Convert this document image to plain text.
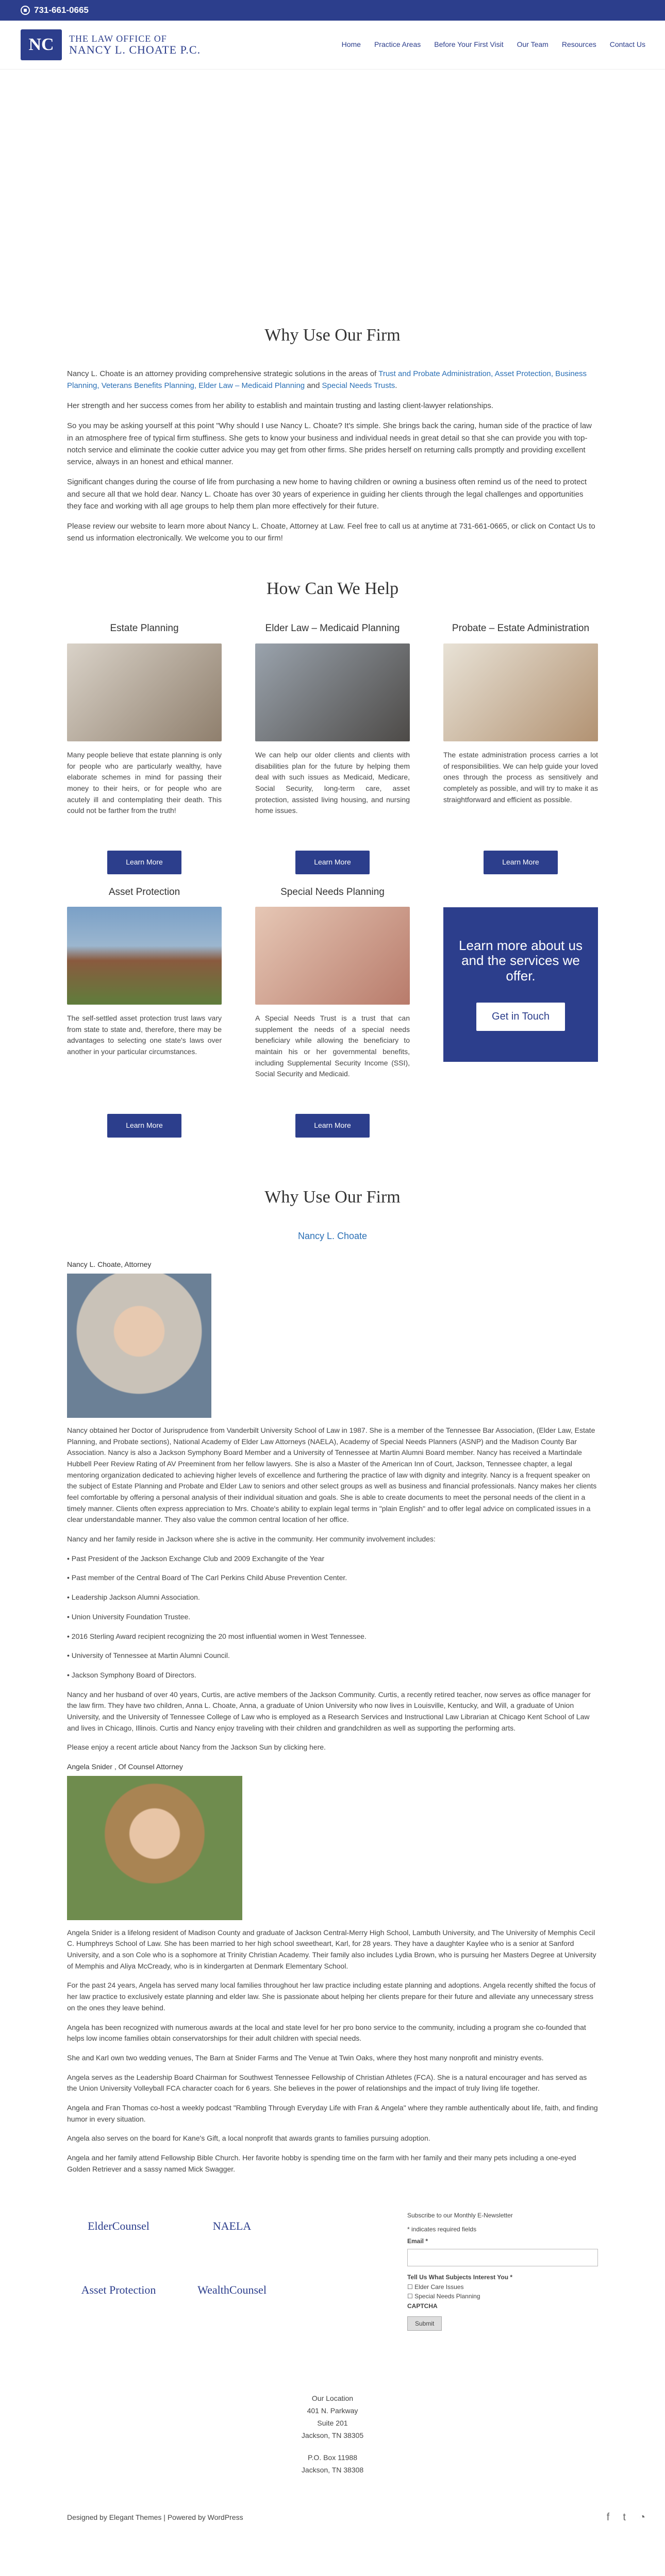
731-661-0665
NC	THE LAW OFFICE OF
NANCY L. CHOATE P.C.	Home Practice Areas Before Your First Visit Our Team Resources Contact Us
Why Use Our Firm

Nancy L. Choate is an attorney providing comprehensive strategic solutions in the areas of Trust and Probate Administration, Asset Protection, Business Planning, Veterans Benefits Planning, Elder Law – Medicaid Planning and Special Needs Trusts.

Her strength and her success comes from her ability to establish and maintain trusting and lasting client-lawyer relationships.

So you may be asking yourself at this point "Why should I use Nancy L. Choate? It's simple. She brings back the caring, human side of the practice of law in an atmosphere free of typical firm stuffiness. She gets to know your business and individual needs in great detail so that she can provide you with top-notch service and eliminate the cookie cutter advice you may get from other firms. She prides herself on returning calls promptly and providing excellent service, always in an honest and ethical manner.

Significant changes during the course of life from purchasing a new home to having children or owning a business often remind us of the need to protect and secure all that we hold dear. Nancy L. Choate has over 30 years of experience in guiding her clients through the legal challenges and opportunities they face and working with all age groups to help them plan more effectively for their future.

Please review our website to learn more about Nancy L. Choate, Attorney at Law. Feel free to call us at anytime at 731-661-0665, or click on Contact Us to send us information electronically. We welcome you to our firm!

How Can We Help
Estate Planning

Many people believe that estate planning is only for people who are particularly wealthy, have elaborate schemes in mind for passing their money to their heirs, or for people who are acutely ill and contemplating their death. This could not be farther from the truth!

Learn More
Elder Law – Medicaid Planning

We can help our older clients and clients with disabilities plan for the future by helping them deal with such issues as Medicaid, Medicare, Social Security, long-term care, asset protection, assisted living housing, and nursing home issues.

Learn More
Probate – Estate Administration

The estate administration process carries a lot of responsibilities. We can help guide your loved ones through the process as sensitively and completely as possible, and will try to make it as straightforward and efficient as possible.

Learn More
Asset Protection

The self-settled asset protection trust laws vary from state to state and, therefore, there may be advantages to selecting one state's laws over another in your particular circumstances.

Learn More
Special Needs Planning

A Special Needs Trust is a trust that can supplement the needs of a special needs beneficiary while allowing the beneficiary to maintain his or her governmental benefits, including Supplemental Security Income (SSI), Social Security and Medicaid.

Learn More
Learn more about us and the services we offer.
Get in Touch
Why Use Our Firm
Nancy L. Choate
Nancy L. Choate, Attorney

Nancy obtained her Doctor of Jurisprudence from Vanderbilt University School of Law in 1987. She is a member of the Tennessee Bar Association, (Elder Law, Estate Planning, and Probate sections), National Academy of Elder Law Attorneys (NAELA), Academy of Special Needs Planners (ASNP) and the Madison County Bar Association. Nancy is also a Jackson Symphony Board Member and a University of Tennessee at Martin Alumni Board member. Nancy has received a Martindale Hubbell Peer Review Rating of AV Preeminent from her fellow lawyers. She is also a Master of the American Inn of Court, Jackson, Tennessee chapter, a legal mentoring organization dedicated to achieving higher levels of excellence and furthering the practice of law with dignity and integrity. Nancy is a frequent speaker on the subject of Estate Planning and Probate and Elder Law to seniors and other select groups as well as business and financial professionals. Nancy makes her clients feel comfortable by offering a personal analysis of their individual situation and goals. She is able to create documents to meet the personal needs of the client in a timely manner. Clients often express appreciation to Mrs. Choate's ability to explain legal terms in "plain English" and to offer legal advice on complicated issues in a clear understandable manner. They also value the common central location of her office.

Nancy and her family reside in Jackson where she is active in the community. Her community involvement includes:

• Past President of the Jackson Exchange Club and 2009 Exchangite of the Year
• Past member of the Central Board of The Carl Perkins Child Abuse Prevention Center.
• Leadership Jackson Alumni Association.
• Union University Foundation Trustee.
• 2016 Sterling Award recipient recognizing the 20 most influential women in West Tennessee.
• University of Tennessee at Martin Alumni Council.
• Jackson Symphony Board of Directors.

Nancy and her husband of over 40 years, Curtis, are active members of the Jackson Community. Curtis, a recently retired teacher, now serves as office manager for the law firm. They have two children, Anna L. Choate, Anna, a graduate of Union University who now lives in Louisville, Kentucky, and Will, a graduate of Union University, and the University of Tennessee College of Law who is employed as a Research Services and Instructional Law Librarian at Chicago Kent School of Law and lives in Chicago, Illinois. Curtis and Nancy enjoy traveling with their children and grandchildren as well as supporting the performing arts.

Please enjoy a recent article about Nancy from the Jackson Sun by clicking here.

Angela Snider , Of Counsel Attorney

Angela Snider is a lifelong resident of Madison County and graduate of Jackson Central-Merry High School, Lambuth University, and The University of Memphis Cecil C. Humphreys School of Law. She has been married to her high school sweetheart, Karl, for 28 years. They have a daughter Kaylee who is a senior at Sanford University, and a son Cole who is a sophomore at Trinity Christian Academy. Their family also includes Lydia Brown, who is pursuing her Masters Degree at University of Memphis and Aliya McCready, who is in kindergarten at Denmark Elementary School.

For the past 24 years, Angela has served many local families throughout her law practice including estate planning and adoptions. Angela recently shifted the focus of her law practice to exclusively estate planning and elder law. She is passionate about helping her clients prepare for their future and alleviate any unnecessary stress on the ones they leave behind.

Angela has been recognized with numerous awards at the local and state level for her pro bono service to the community, including a program she co-founded that helps low income families obtain conservatorships for their adult children with special needs.

She and Karl own two wedding venues, The Barn at Snider Farms and The Venue at Twin Oaks, where they host many nonprofit and ministry events.

Angela serves as the Leadership Board Chairman for Southwest Tennessee Fellowship of Christian Athletes (FCA). She is a natural encourager and has served as the Union University Volleyball FCA character coach for 6 years. She believes in the power of relationships and the impact of truly living life together.

Angela and Fran Thomas co-host a weekly podcast "Rambling Through Everyday Life with Fran & Angela" where they ramble authentically about life, faith, and finding humor in every situation.

Angela also serves on the board for Kane's Gift, a local nonprofit that awards grants to families pursuing adoption.

Angela and her family attend Fellowship Bible Church. Her favorite hobby is spending time on the farm with her family and their many pets including a one-eyed Golden Retriever and a sassy named Mick Swagger.

ElderCounsel	NAELA
Asset Protection	WealthCounsel
Subscribe to our Monthly E-Newsletter
* indicates required fields
Email *
Tell Us What Subjects Interest You *
☐ Elder Care Issues
☐ Special Needs Planning
CAPTCHA
Submit

Our Location

401 N. Parkway

Suite 201

Jackson, TN 38305

P.O. Box 11988

Jackson, TN 38308

Designed by Elegant Themes | Powered by WordPress	f t ◔
